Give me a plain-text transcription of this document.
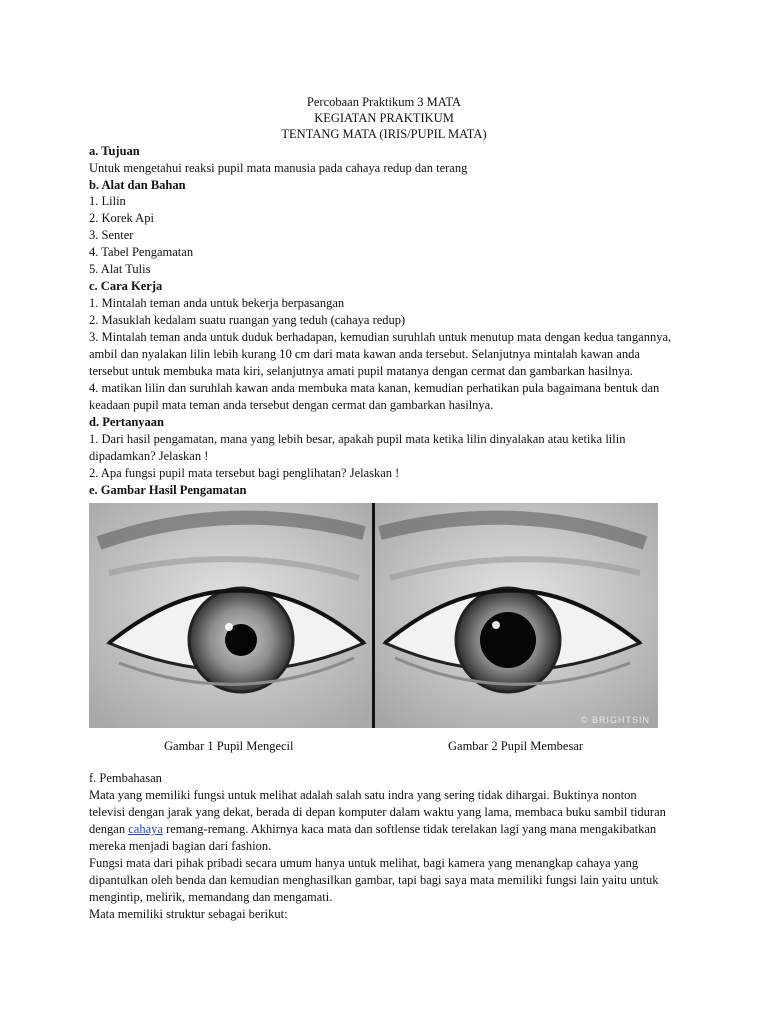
Percobaan Praktikum 3 MATA
KEGIATAN PRAKTIKUM
TENTANG MATA (IRIS/PUPIL MATA)
a. Tujuan
Untuk mengetahui reaksi pupil mata manusia pada cahaya redup dan terang
b. Alat dan Bahan
1. Lilin
2. Korek Api
3. Senter
4. Tabel Pengamatan
5. Alat Tulis
c. Cara Kerja
1. Mintalah teman anda untuk bekerja berpasangan
2. Masuklah kedalam suatu ruangan yang teduh (cahaya redup)
3. Mintalah teman anda untuk duduk berhadapan, kemudian suruhlah untuk menutup mata dengan kedua tangannya,
ambil dan nyalakan lilin lebih kurang 10 cm dari mata kawan anda tersebut. Selanjutnya mintalah kawan anda
tersebut untuk membuka mata kiri, selanjutnya amati pupil matanya dengan cermat dan gambarkan hasilnya.
4. matikan lilin dan suruhlah kawan anda membuka mata kanan, kemudian perhatikan pula bagaimana bentuk dan
keadaan pupil mata teman anda tersebut dengan cermat dan gambarkan hasilnya.
d. Pertanyaan
1. Dari hasil pengamatan, mana yang lebih besar, apakah pupil mata ketika lilin dinyalakan atau ketika lilin
dipadamkan? Jelaskan !
2. Apa fungsi pupil mata tersebut bagi penglihatan? Jelaskan !
e. Gambar Hasil Pengamatan
© BRIGHTSIN
Gambar 1 Pupil Mengecil	Gambar 2 Pupil Membesar
f. Pembahasan
Mata yang memiliki fungsi untuk melihat adalah salah satu indra yang sering tidak dihargai. Buktinya nonton
televisi dengan jarak yang dekat, berada di depan komputer dalam waktu yang lama, membaca buku sambil tiduran
dengan cahaya remang-remang. Akhirnya kaca mata dan softlense tidak terelakan lagi yang mana mengakibatkan
mereka menjadi bagian dari fashion.
Fungsi mata dari pihak pribadi secara umum hanya untuk melihat, bagi kamera yang menangkap cahaya yang
dipantulkan oleh benda dan kemudian menghasilkan gambar, tapi bagi saya mata memiliki fungsi lain yaitu untuk
mengintip, melirik, memandang dan mengamati.
Mata memiliki struktur sebagai berikut:
